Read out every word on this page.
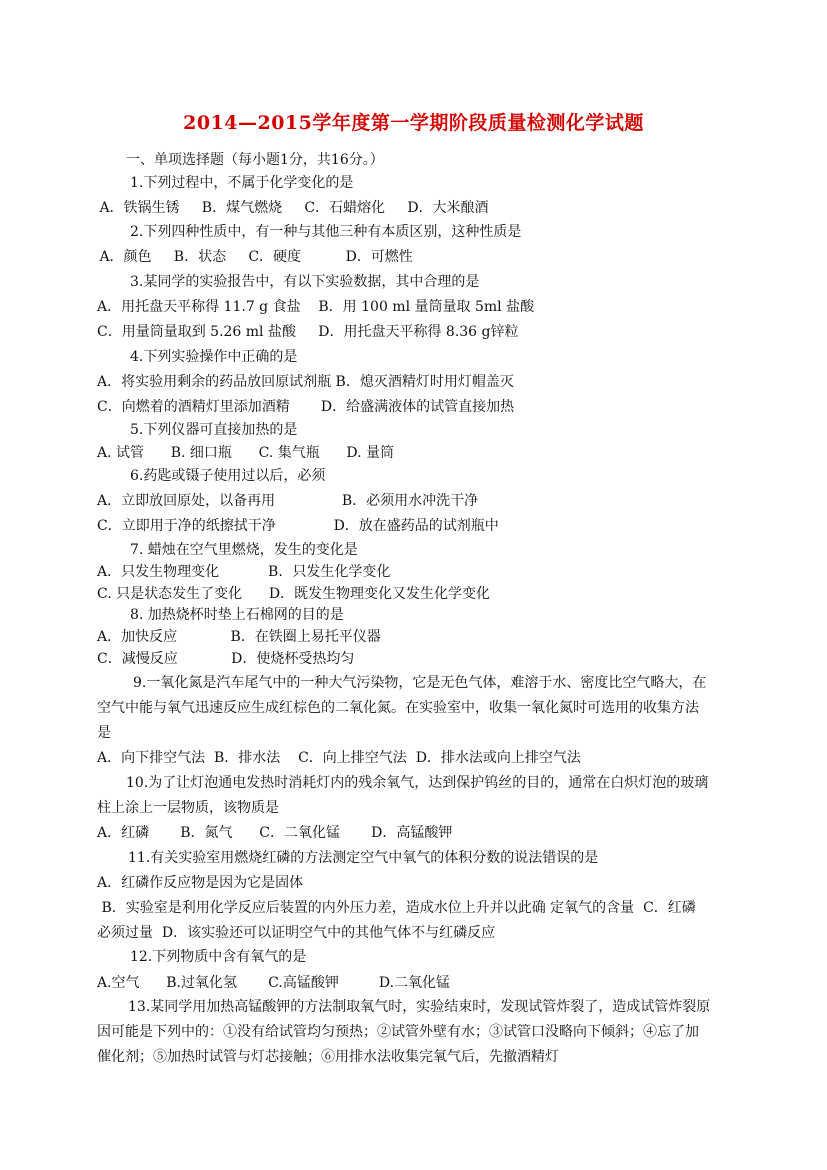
2014—2015学年度第一学期阶段质量检测化学试题
一、单项选择题（每小题1分，共16分。）
1.下列过程中，不属于化学变化的是
A．铁锅生锈     B．煤气燃烧     C．石蜡熔化     D．大米酿酒
2.下列四种性质中，有一种与其他三种有本质区别，这种性质是
A．颜色     B．状态     C．硬度          D．可燃性
3.某同学的实验报告中，有以下实验数据，其中合理的是
A．用托盘天平称得 11.7 g 食盐    B．用 100 ml 量筒量取 5ml 盐酸
C．用量筒量取到 5.26 ml 盐酸     D．用托盘天平称得 8.36 g锌粒
4.下列实验操作中正确的是
A．将实验用剩余的药品放回原试剂瓶 B．熄灭酒精灯时用灯帽盖灭
C．向燃着的酒精灯里添加酒精       D．给盛满液体的试管直接加热
5.下列仪器可直接加热的是
A. 试管      B. 细口瓶      C. 集气瓶      D. 量筒
6.药匙或镊子使用过以后，必须
A．立即放回原处，以备再用               B．必须用水冲洗干净
C．立即用于净的纸擦拭干净             D．放在盛药品的试剂瓶中
7. 蜡烛在空气里燃烧，发生的变化是
A．只发生物理变化           B．只发生化学变化
C. 只是状态发生了变化      D．既发生物理变化又发生化学变化
8. 加热烧杯时垫上石棉网的目的是
A．加快反应            B．在铁圈上易托平仪器
C．减慢反应            D．使烧杯受热均匀
9.一氧化氮是汽车尾气中的一种大气污染物，它是无色气体，难溶于水、密度比空气略大，在
空气中能与氧气迅速反应生成红棕色的二氧化氮。在实验室中，收集一氧化氮时可选用的收集方法
是
A．向下排空气法  B．排水法    C．向上排空气法  D．排水法或向上排空气法
10.为了让灯泡通电发热时消耗灯内的残余氧气，达到保护钨丝的目的，通常在白炽灯泡的玻璃
柱上涂上一层物质，该物质是
A．红磷       B．氮气      C．二氧化锰       D．高锰酸钾
11.有关实验室用燃烧红磷的方法测定空气中氧气的体积分数的说法错误的是
A．红磷作反应物是因为它是固体
B．实验室是利用化学反应后装置的内外压力差，造成水位上升并以此确 定氧气的含量  C．红磷
必须过量  D．该实验还可以证明空气中的其他气体不与红磷反应
12.下列物质中含有氧气的是
A.空气      B.过氧化氢       C.高锰酸钾         D.二氧化锰
13.某同学用加热高锰酸钾的方法制取氧气时，实验结束时，发现试管炸裂了，造成试管炸裂原
因可能是下列中的：①没有给试管均匀预热；②试管外壁有水；③试管口没略向下倾斜；④忘了加
催化剂；⑤加热时试管与灯芯接触；⑥用排水法收集完氧气后，先撤酒精灯
